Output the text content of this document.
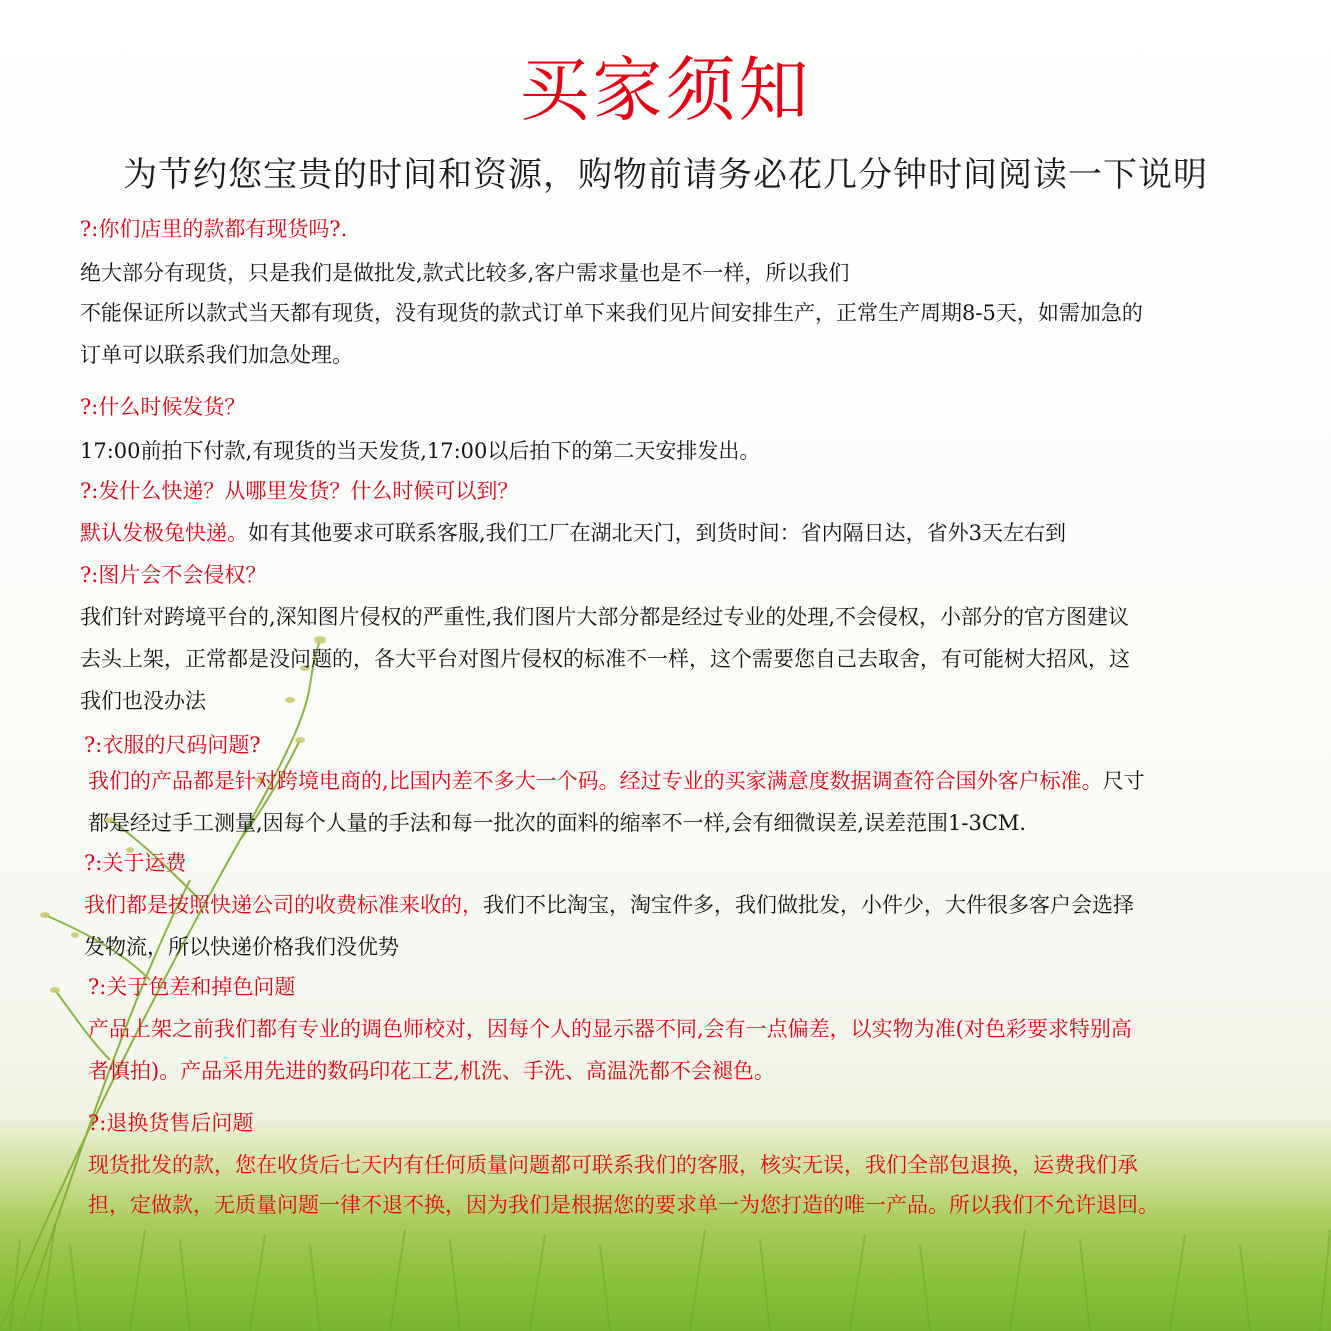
买家须知
为节约您宝贵的时间和资源，购物前请务必花几分钟时间阅读一下说明
?:你们店里的款都有现货吗?.
绝大部分有现货，只是我们是做批发,款式比较多,客户需求量也是不一样，所以我们
不能保证所以款式当天都有现货，没有现货的款式订单下来我们见片间安排生产，正常生产周期8-5天，如需加急的
订单可以联系我们加急处理。
?:什么时候发货？
17:00前拍下付款,有现货的当天发货,17:00以后拍下的第二天安排发出。
?:发什么快递？从哪里发货？什么时候可以到？
默认发极兔快递。如有其他要求可联系客服,我们工厂在湖北天门，到货时间：省内隔日达，省外3天左右到
?:图片会不会侵权？
我们针对跨境平台的,深知图片侵权的严重性,我们图片大部分都是经过专业的处理,不会侵权，小部分的官方图建议
去头上架，正常都是没问题的，各大平台对图片侵权的标准不一样，这个需要您自己去取舍，有可能树大招风，这
我们也没办法
?:衣服的尺码问题?
我们的产品都是针对跨境电商的,比国内差不多大一个码。经过专业的买家满意度数据调查符合国外客户标准。尺寸
都是经过手工测量,因每个人量的手法和每一批次的面料的缩率不一样,会有细微误差,误差范围1-3CM.
?:关于运费
我们都是按照快递公司的收费标准来收的，我们不比淘宝，淘宝件多，我们做批发，小件少，大件很多客户会选择
发物流，所以快递价格我们没优势
?:关于色差和掉色问题
产品上架之前我们都有专业的调色师校对，因每个人的显示器不同,会有一点偏差，以实物为准(对色彩要求特别高
者慎拍)。产品采用先进的数码印花工艺,机洗、手洗、高温洗都不会褪色。
?:退换货售后问题
现货批发的款，您在收货后七天内有任何质量问题都可联系我们的客服，核实无误，我们全部包退换，运费我们承
担，定做款，无质量问题一律不退不换，因为我们是根据您的要求单一为您打造的唯一产品。所以我们不允许退回。
